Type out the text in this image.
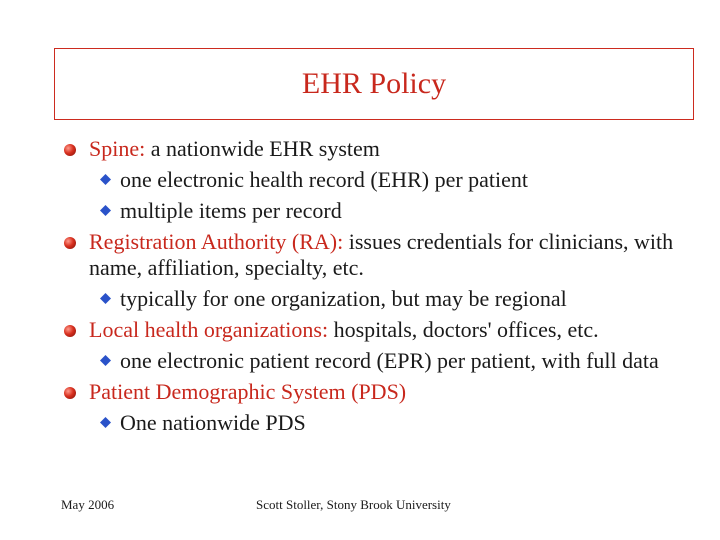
EHR Policy
Spine: a nationwide EHR system
one electronic health record (EHR) per patient
multiple items per record
Registration Authority (RA): issues credentials for clinicians, with name, affiliation, specialty, etc.
typically for one organization, but may be regional
Local health organizations: hospitals, doctors' offices, etc.
one electronic patient record (EPR) per patient, with full data
Patient Demographic System (PDS)
One nationwide PDS
May 2006	Scott Stoller, Stony Brook University
